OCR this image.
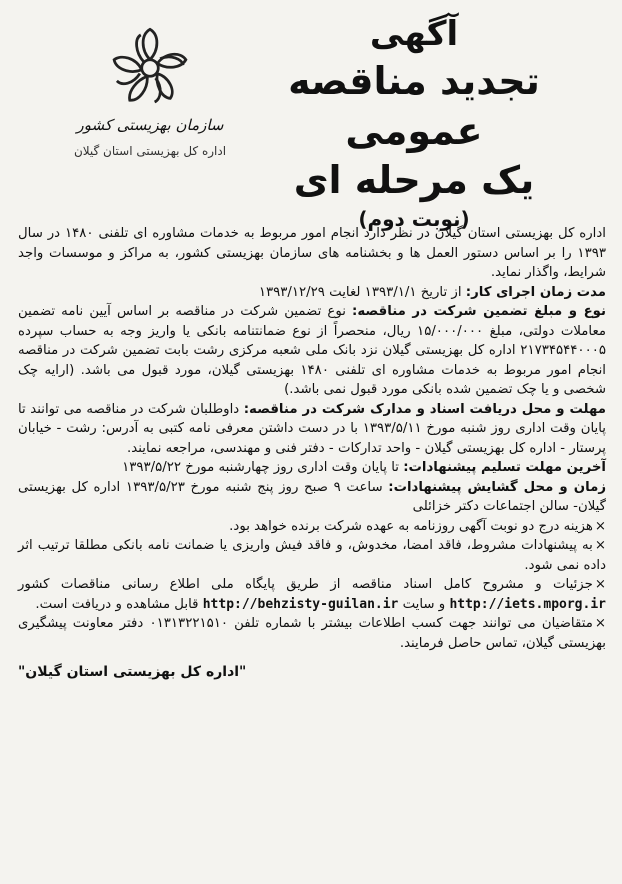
سازمان بهزیستی کشور
اداره کل بهزیستی استان گیلان
آگهی
تجدید مناقصه عمومی
یک مرحله ای
(نوبت دوم)

اداره کل بهزیستی استان گیلان در نظر دارد انجام امور مربوط به خدمات مشاوره ای تلفنی ۱۴۸۰ در سال ۱۳۹۳ را بر اساس دستور العمل ها و بخشنامه های سازمان بهزیستی کشور، به مراکز و موسسات واجد شرایط، واگذار نماید.

مدت زمان اجرای کار: از تاریخ ۱۳۹۳/۱/۱ لغایت ۱۳۹۳/۱۲/۲۹

نوع و مبلغ تضمین شرکت در مناقصه: نوع تضمین شرکت در مناقصه بر اساس آیین نامه تضمین معاملات دولتی، مبلغ ۱۵/۰۰۰/۰۰۰ ریال، منحصراً از نوع ضمانتنامه بانکی یا واریز وجه به حساب سپرده ۲۱۷۳۴۵۴۴۰۰۰۵ اداره کل بهزیستی گیلان نزد بانک ملی شعبه مرکزی رشت بابت تضمین شرکت در مناقصه انجام امور مربوط به خدمات مشاوره ای تلفنی ۱۴۸۰ بهزیستی گیلان، مورد قبول می باشد. (ارایه چک شخصی و یا چک تضمین شده بانکی مورد قبول نمی باشد.)

مهلت و محل دریافت اسناد و مدارک شرکت در مناقصه: داوطلبان شرکت در مناقصه می توانند تا پایان وقت اداری روز شنبه مورخ ۱۳۹۳/۵/۱۱ با در دست داشتن معرفی نامه کتبی به آدرس: رشت - خیابان پرستار - اداره کل بهزیستی گیلان - واحد تدارکات - دفتر فنی و مهندسی، مراجعه نمایند.

آخرین مهلت تسلیم پیشنهادات: تا پایان وقت اداری روز چهارشنبه مورخ ۱۳۹۳/۵/۲۲

زمان و محل گشایش پیشنهادات: ساعت ۹ صبح روز پنج شنبه مورخ ۱۳۹۳/۵/۲۳ اداره کل بهزیستی گیلان- سالن اجتماعات دکتر خزائلی

× هزینه درج دو نوبت آگهی روزنامه به عهده شرکت برنده خواهد بود.

× به پیشنهادات مشروط، فاقد امضا، مخدوش، و فاقد فیش واریزی یا ضمانت نامه بانکی مطلقا ترتیب اثر داده نمی شود.

× جزئیات و مشروح کامل اسناد مناقصه از طریق پایگاه ملی اطلاع رسانی مناقصات کشور http://iets.mporg.ir و سایت http://behzisty-guilan.ir قابل مشاهده و دریافت است.

× متقاضیان می توانند جهت کسب اطلاعات بیشتر با شماره تلفن ۰۱۳۱۳۲۲۱۵۱۰ دفتر معاونت پیشگیری بهزیستی گیلان، تماس حاصل فرمایند.

"اداره کل بهزیستی استان گیلان"
